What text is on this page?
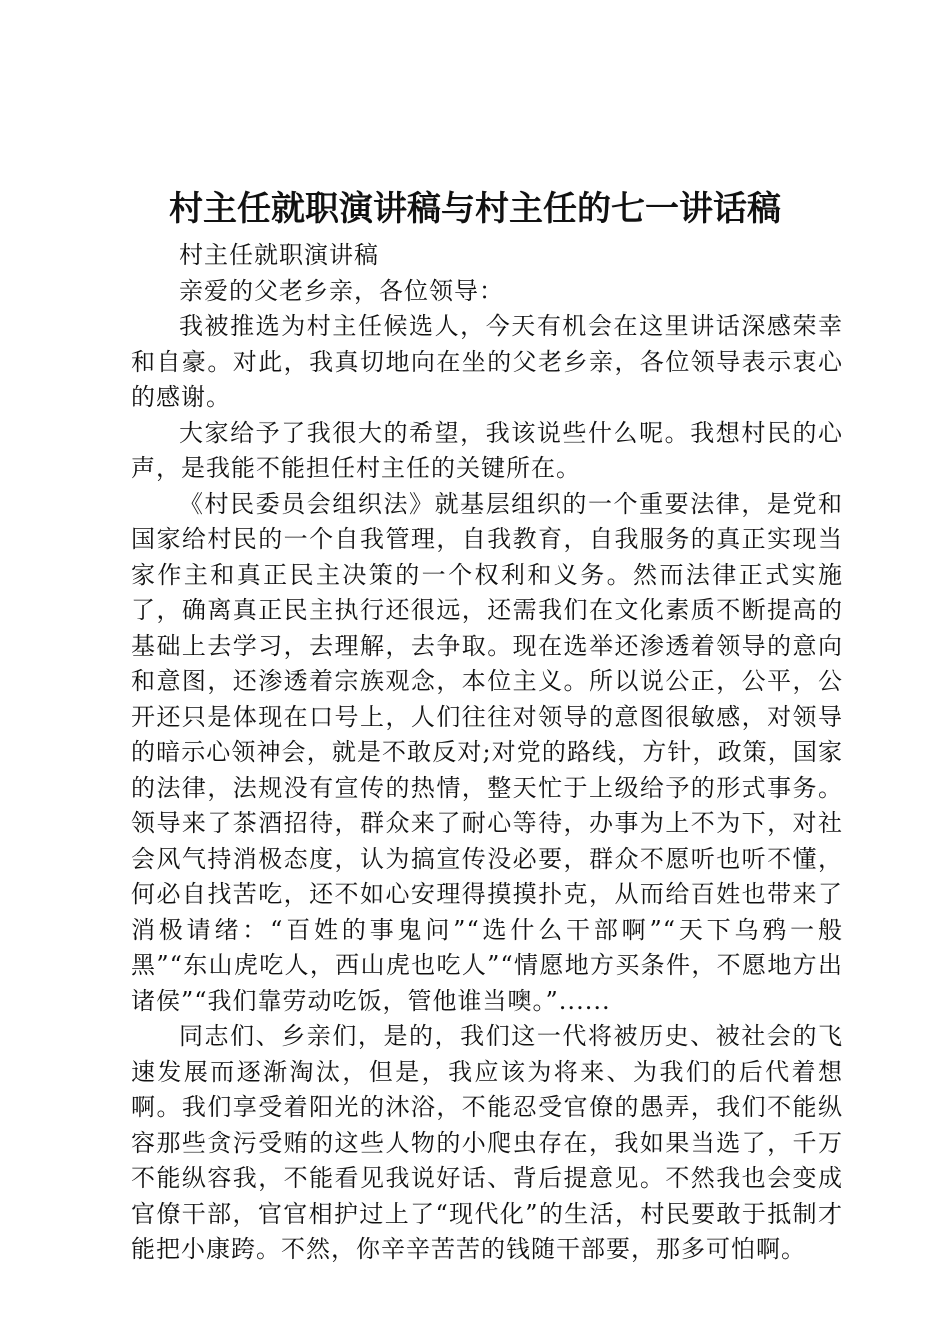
村主任就职演讲稿与村主任的七一讲话稿

村主任就职演讲稿

亲爱的父老乡亲，各位领导：

我被推选为村主任候选人，今天有机会在这里讲话深感荣幸和自豪。对此，我真切地向在坐的父老乡亲，各位领导表示衷心的感谢。

大家给予了我很大的希望，我该说些什么呢。我想村民的心声，是我能不能担任村主任的关键所在。

《村民委员会组织法》就基层组织的一个重要法律，是党和国家给村民的一个自我管理，自我教育，自我服务的真正实现当家作主和真正民主决策的一个权利和义务。然而法律正式实施了，确离真正民主执行还很远，还需我们在文化素质不断提高的基础上去学习，去理解，去争取。现在选举还渗透着领导的意向和意图，还渗透着宗族观念，本位主义。所以说公正，公平，公开还只是体现在口号上，人们往往对领导的意图很敏感，对领导的暗示心领神会，就是不敢反对;对党的路线，方针，政策，国家的法律，法规没有宣传的热情，整天忙于上级给予的形式事务。领导来了茶酒招待，群众来了耐心等待，办事为上不为下，对社会风气持消极态度，认为搞宣传没必要，群众不愿听也听不懂，何必自找苦吃，还不如心安理得摸摸扑克，从而给百姓也带来了消极请绪：“百姓的事鬼问”“选什么干部啊”“天下乌鸦一般黑”“东山虎吃人，西山虎也吃人”“情愿地方买条件，不愿地方出诸侯”“我们靠劳动吃饭，管他谁当噢。”......

同志们、乡亲们，是的，我们这一代将被历史、被社会的飞速发展而逐渐淘汰，但是，我应该为将来、为我们的后代着想啊。我们享受着阳光的沐浴，不能忍受官僚的愚弄，我们不能纵容那些贪污受贿的这些人物的小爬虫存在，我如果当选了，千万不能纵容我，不能看见我说好话、背后提意见。不然我也会变成官僚干部，官官相护过上了“现代化”的生活，村民要敢于抵制才能把小康跨。不然，你辛辛苦苦的钱随干部要，那多可怕啊。
